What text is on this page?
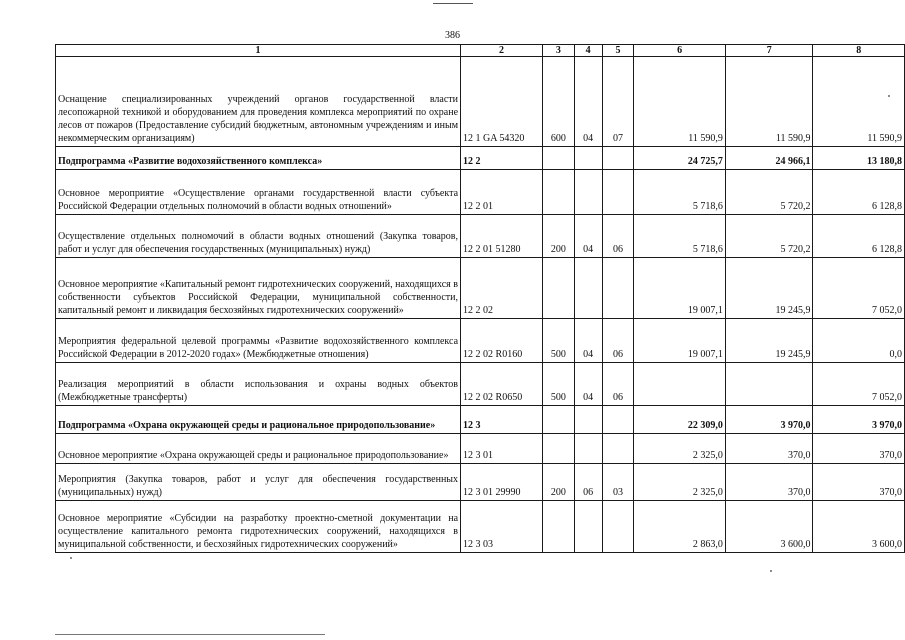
386
1	2	3	4	5	6	7	8
Оснащение специализированных учреждений органов государственной власти лесопожарной техникой и оборудованием для проведения комплекса мероприятий по охране лесов от пожаров (Предоставление субсидий бюджетным, автономным учреждениям и иным некоммерческим организациям)	12 1 GA 54320	600	04	07	11 590,9	11 590,9	11 590,9
Подпрограмма «Развитие водохозяйственного комплекса»	12 2				24 725,7	24 966,1	13 180,8
Основное мероприятие «Осуществление органами государственной власти субъекта Российской Федерации отдельных полномочий в области водных отношений»	12 2 01				5 718,6	5 720,2	6 128,8
Осуществление отдельных полномочий в области водных отношений (Закупка товаров, работ и услуг для обеспечения государственных (муниципальных) нужд)	12 2 01 51280	200	04	06	5 718,6	5 720,2	6 128,8
Основное мероприятие «Капитальный ремонт гидротехнических сооружений, находящихся в собственности субъектов Российской Федерации, муниципальной собственности, капитальный ремонт и ликвидация бесхозяйных гидротехнических сооружений»	12 2 02				19 007,1	19 245,9	7 052,0
Мероприятия федеральной целевой программы «Развитие водохозяйственного комплекса Российской Федерации в 2012-2020 годах» (Межбюджетные отношения)	12 2 02 R0160	500	04	06	19 007,1	19 245,9	0,0
Реализация мероприятий в области использования и охраны водных объектов (Межбюджетные трансферты)	12 2 02 R0650	500	04	06			7 052,0
Подпрограмма «Охрана окружающей среды и рациональное природопользование»	12 3				22 309,0	3 970,0	3 970,0
Основное мероприятие «Охрана окружающей среды и рациональное природопользование»	12 3 01				2 325,0	370,0	370,0
Мероприятия (Закупка товаров, работ и услуг для обеспечения государственных (муниципальных) нужд)	12 3 01 29990	200	06	03	2 325,0	370,0	370,0
Основное мероприятие «Субсидии на разработку проектно-сметной документации на осуществление капитального ремонта гидротехнических сооружений, находящихся в муниципальной собственности, и бесхозяйных гидротехнических сооружений»	12 3 03				2 863,0	3 600,0	3 600,0
